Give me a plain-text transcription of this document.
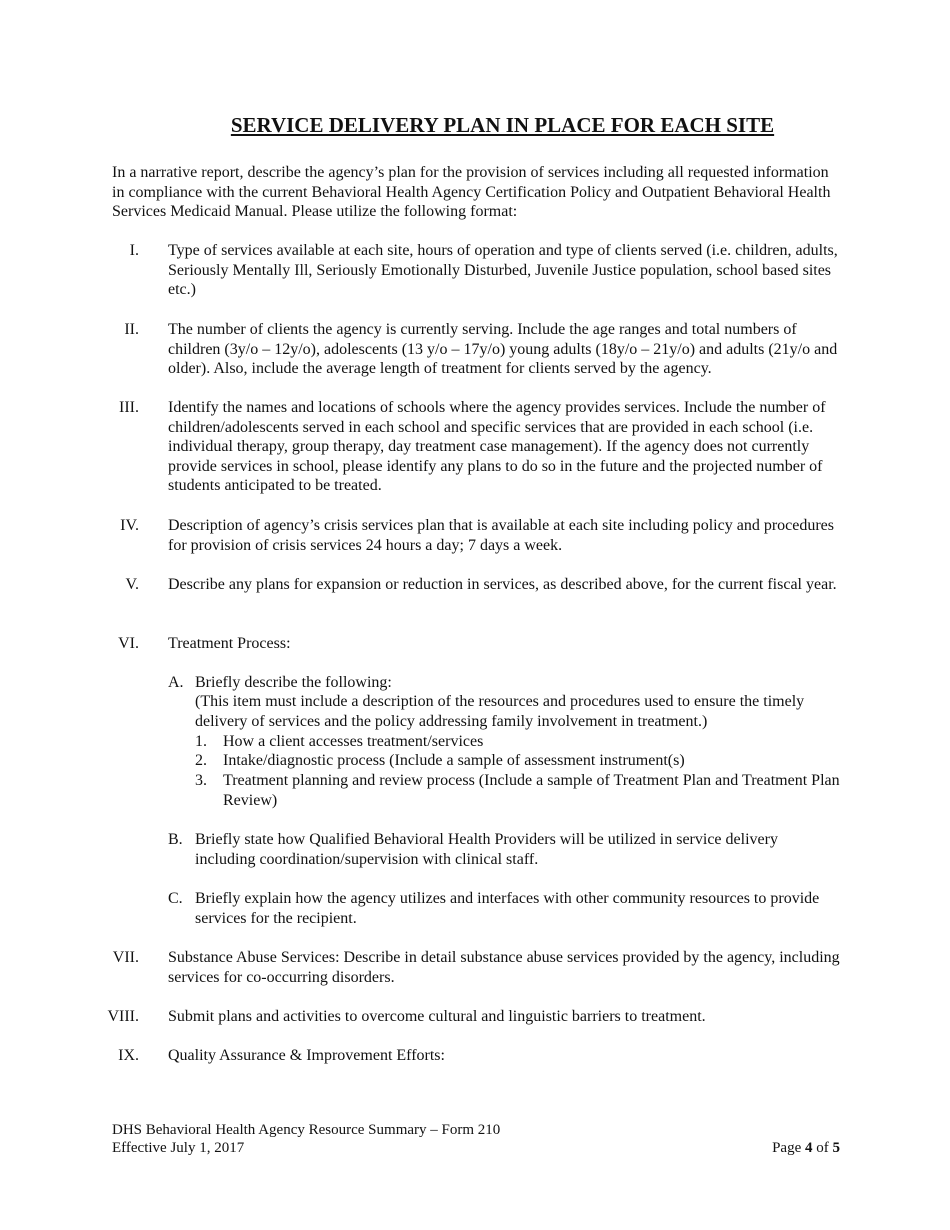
SERVICE DELIVERY PLAN IN PLACE FOR EACH SITE

In a narrative report, describe the agency’s plan for the provision of services including all requested information in compliance with the current Behavioral Health Agency Certification Policy and Outpatient Behavioral Health Services Medicaid Manual. Please utilize the following format:

I. Type of services available at each site, hours of operation and type of clients served (i.e. children, adults, Seriously Mentally Ill, Seriously Emotionally Disturbed, Juvenile Justice population, school based sites etc.)
II. The number of clients the agency is currently serving. Include the age ranges and total numbers of children (3y/o – 12y/o), adolescents (13 y/o – 17y/o) young adults (18y/o – 21y/o) and adults (21y/o and older). Also, include the average length of treatment for clients served by the agency.
III. Identify the names and locations of schools where the agency provides services. Include the number of children/adolescents served in each school and specific services that are provided in each school (i.e. individual therapy, group therapy, day treatment case management). If the agency does not currently provide services in school, please identify any plans to do so in the future and the projected number of students anticipated to be treated.
IV. Description of agency’s crisis services plan that is available at each site including policy and procedures for provision of crisis services 24 hours a day; 7 days a week.
V. Describe any plans for expansion or reduction in services, as described above, for the current fiscal year.
VI. Treatment Process:
A. Briefly describe the following:
(This item must include a description of the resources and procedures used to ensure the timely delivery of services and the policy addressing family involvement in treatment.)
1. How a client accesses treatment/services
2. Intake/diagnostic process (Include a sample of assessment instrument(s)
3. Treatment planning and review process (Include a sample of Treatment Plan and Treatment Plan Review)
B. Briefly state how Qualified Behavioral Health Providers will be utilized in service delivery including coordination/supervision with clinical staff.
C. Briefly explain how the agency utilizes and interfaces with other community resources to provide services for the recipient.
VII. Substance Abuse Services: Describe in detail substance abuse services provided by the agency, including services for co-occurring disorders.
VIII. Submit plans and activities to overcome cultural and linguistic barriers to treatment.
IX. Quality Assurance & Improvement Efforts:
DHS Behavioral Health Agency Resource Summary – Form 210
Effective July 1, 2017	Page 4 of 5
